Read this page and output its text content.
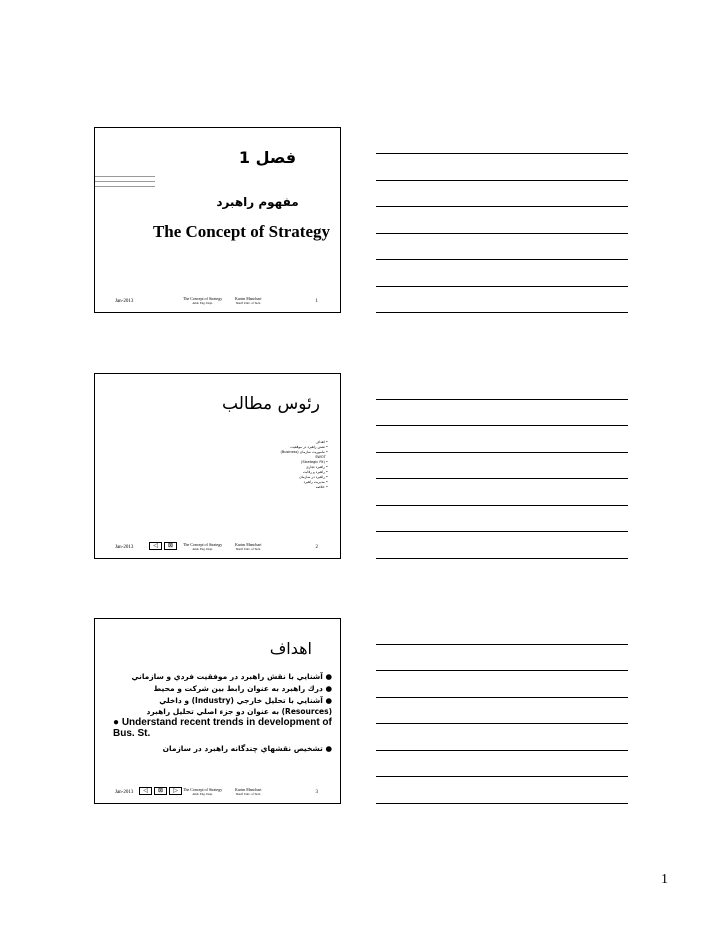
فصل 1
مفهوم راهبرد
The Concept of Strategy
Jan-2013
The Concept of Strategy
Amir. Eng. Dept.
Karim Manchari
Sharif Univ. of Tech.	1
رئوس مطالب
• اهداف
• نقش راهبرد در موفقیت
• ماموریت سازمان (Business)
SWOT
• (Strategic Fit)
• راهبرد تجاری
• راهبرد و رقابت
• راهبرد در سازمان
• مدیریت راهبرد
• خلاصه
Jan-2013	◁	⊠	The Concept of Strategy
Amir. Eng. Dept.
Karim Manchari
Sharif Univ. of Tech.	2
اهداف
● آشنايي با نقش راهبرد در موفقيت فردي و سازماني
● درك راهبرد به عنوان رابط بين شركت و محيط
● آشنايي با تحليل خارجي (Industry) و داخلي (Resources) به عنوان دو جزء اصلي تحليل راهبرد
● Understand recent trends in development of Bus. St.
● تشخيص نقشهاي چندگانه راهبرد در سازمان
Jan-2013	◁	⊠	▷	The Concept of Strategy
Amir. Eng. Dept.
Karim Manchari
Sharif Univ. of Tech.	3
1
